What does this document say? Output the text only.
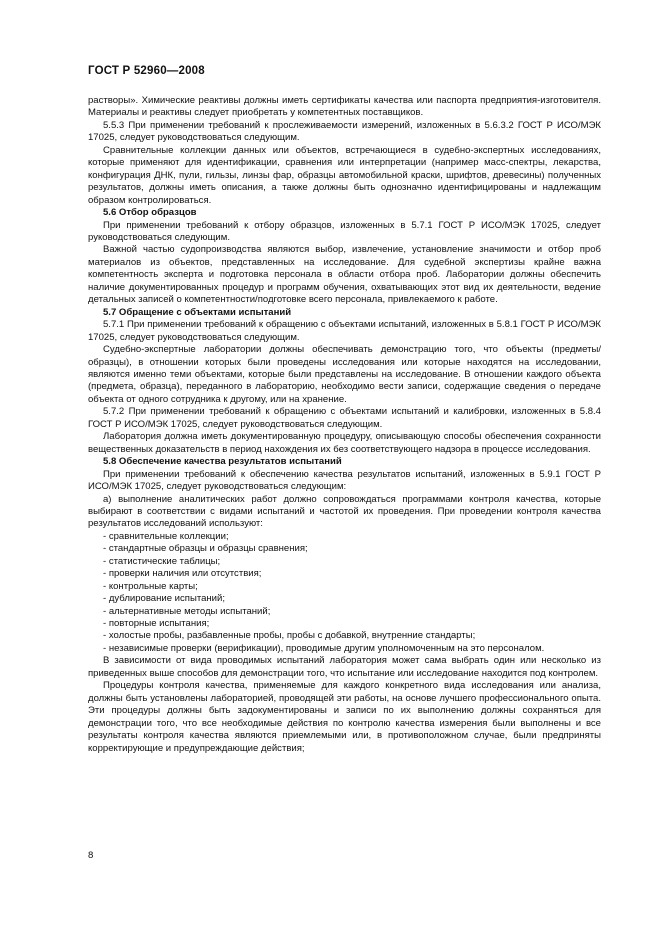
ГОСТ Р 52960—2008

растворы». Химические реактивы должны иметь сертификаты качества или паспорта предприятия-изготовителя. Материалы и реактивы следует приобретать у компетентных поставщиков.

5.5.3 При применении требований к прослеживаемости измерений, изложенных в 5.6.3.2 ГОСТ Р ИСО/МЭК 17025, следует руководствоваться следующим.

Сравнительные коллекции данных или объектов, встречающиеся в судебно-экспертных исследованиях, которые применяют для идентификации, сравнения или интерпретации (например масс-спектры, лекарства, конфигурация ДНК, пули, гильзы, линзы фар, образцы автомобильной краски, шрифтов, древесины) полученных результатов, должны иметь описания, а также должны быть однозначно идентифицированы и надлежащим образом контролироваться.

5.6 Отбор образцов

При применении требований к отбору образцов, изложенных в 5.7.1 ГОСТ Р ИСО/МЭК 17025, следует руководствоваться следующим.

Важной частью судопроизводства являются выбор, извлечение, установление значимости и отбор проб материалов из объектов, представленных на исследование. Для судебной экспертизы крайне важна компетентность эксперта и подготовка персонала в области отбора проб. Лаборатории должны обеспечить наличие документированных процедур и программ обучения, охватывающих этот вид их деятельности, ведение детальных записей о компетентности/подготовке всего персонала, привлекаемого к работе.

5.7 Обращение с объектами испытаний

5.7.1 При применении требований к обращению с объектами испытаний, изложенных в 5.8.1 ГОСТ Р ИСО/МЭК 17025, следует руководствоваться следующим.

Судебно-экспертные лаборатории должны обеспечивать демонстрацию того, что объекты (предметы/образцы), в отношении которых были проведены исследования или которые находятся на исследовании, являются именно теми объектами, которые были представлены на исследование. В отношении каждого объекта (предмета, образца), переданного в лабораторию, необходимо вести записи, содержащие сведения о передаче объекта от одного сотрудника к другому, или на хранение.

5.7.2 При применении требований к обращению с объектами испытаний и калибровки, изложенных в 5.8.4 ГОСТ Р ИСО/МЭК 17025, следует руководствоваться следующим.

Лаборатория должна иметь документированную процедуру, описывающую способы обеспечения сохранности вещественных доказательств в период нахождения их без соответствующего надзора в процессе исследования.

5.8 Обеспечение качества результатов испытаний

При применении требований к обеспечению качества результатов испытаний, изложенных в 5.9.1 ГОСТ Р ИСО/МЭК 17025, следует руководствоваться следующим:

а) выполнение аналитических работ должно сопровождаться программами контроля качества, которые выбирают в соответствии с видами испытаний и частотой их проведения. При проведении контроля качества результатов исследований используют:

- сравнительные коллекции;

- стандартные образцы и образцы сравнения;

- статистические таблицы;

- проверки наличия или отсутствия;

- контрольные карты;

- дублирование испытаний;

- альтернативные методы испытаний;

- повторные испытания;

- холостые пробы, разбавленные пробы, пробы с добавкой, внутренние стандарты;

- независимые проверки (верификации), проводимые другим уполномоченным на это персоналом.

В зависимости от вида проводимых испытаний лаборатория может сама выбрать один или несколько из приведенных выше способов для демонстрации того, что испытание или исследование находится под контролем.

Процедуры контроля качества, применяемые для каждого конкретного вида исследования или анализа, должны быть установлены лабораторией, проводящей эти работы, на основе лучшего профессионального опыта. Эти процедуры должны быть задокументированы и записи по их выполнению должны сохраняться для демонстрации того, что все необходимые действия по контролю качества измерения были выполнены и все результаты контроля качества являются приемлемыми или, в противоположном случае, были предприняты корректирующие и предупреждающие действия;

8
